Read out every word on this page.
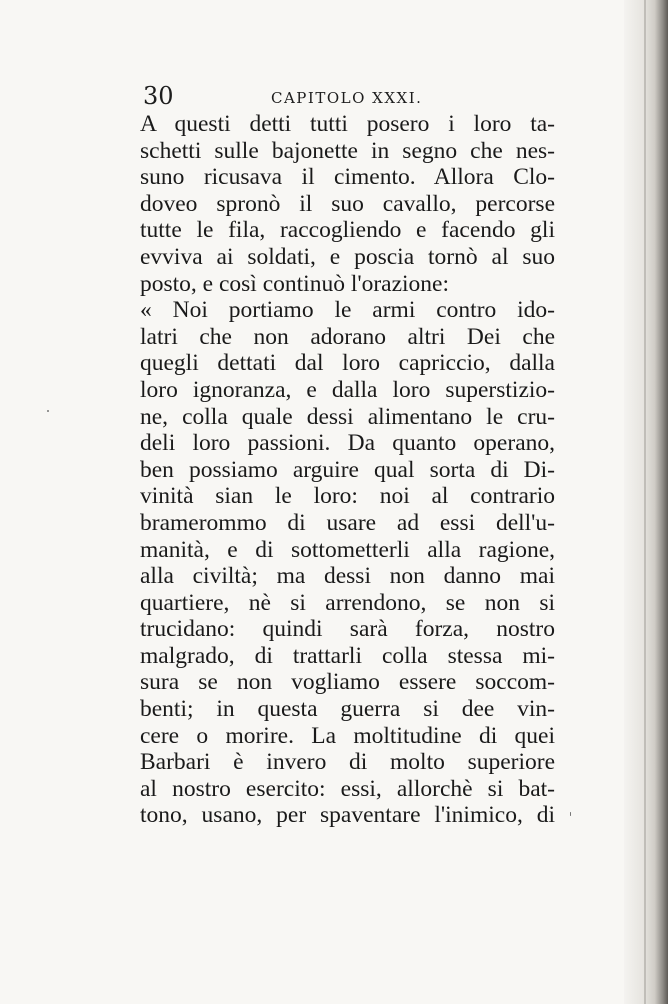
30	CAPITOLO XXXI.
A questi detti tutti posero i loro ta-
schetti sulle bajonette in segno che nes-
suno ricusava il cimento. Allora Clo-
doveo spronò il suo cavallo, percorse
tutte le fila, raccogliendo e facendo gli
evviva ai soldati, e poscia tornò al suo
posto, e così continuò l'orazione:
« Noi portiamo le armi contro ido-
latri che non adorano altri Dei che
quegli dettati dal loro capriccio, dalla
loro ignoranza, e dalla loro superstizio-
ne, colla quale dessi alimentano le cru-
deli loro passioni. Da quanto operano,
ben possiamo arguire qual sorta di Di-
vinità sian le loro: noi al contrario
bramerommo di usare ad essi dell'u-
manità, e di sottometterli alla ragione,
alla civiltà; ma dessi non danno mai
quartiere, nè si arrendono, se non si
trucidano: quindi sarà forza, nostro
malgrado, di trattarli colla stessa mi-
sura se non vogliamo essere soccom-
benti; in questa guerra si dee vin-
cere o morire. La moltitudine di quei
Barbari è invero di molto superiore
al nostro esercito: essi, allorchè si bat-
tono, usano, per spaventare l'inimico, di
